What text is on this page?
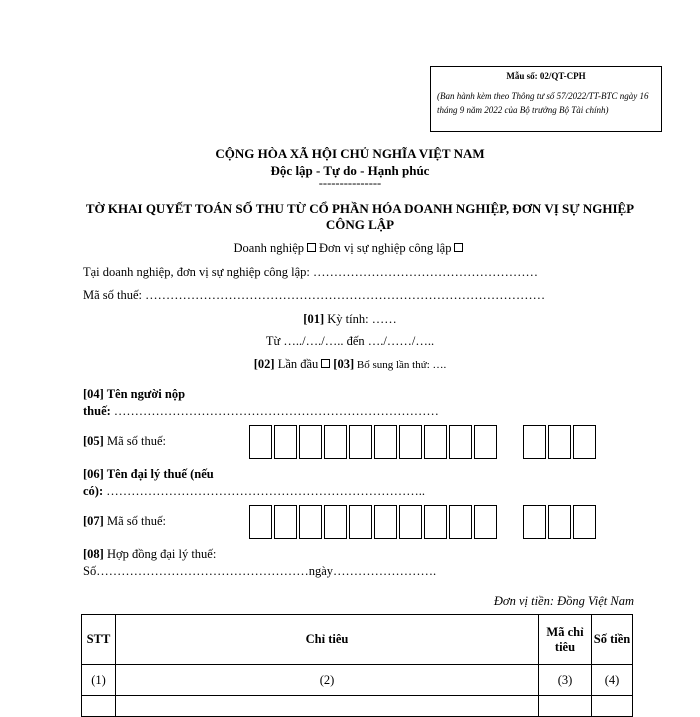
Mẫu số: 02/QT-CPH
(Ban hành kèm theo Thông tư số 57/2022/TT-BTC ngày 16 tháng 9 năm 2022 của Bộ trưởng Bộ Tài chính)
CỘNG HÒA XÃ HỘI CHỦ NGHĨA VIỆT NAM
Độc lập - Tự do - Hạnh phúc
---------------
TỜ KHAI QUYẾT TOÁN SỐ THU TỪ CỔ PHẦN HÓA DOANH NGHIỆP, ĐƠN VỊ SỰ NGHIỆP CÔNG LẬP
Doanh nghiệp Đơn vị sự nghiệp công lập
Tại doanh nghiệp, đơn vị sự nghiệp công lập: ………………………………………………
Mã số thuế: ……………………………………………………………………………………
[01] Kỳ tính: ……
Từ …../…./….. đến …./……/…..
[02] Lần đầu [03] Bổ sung lần thứ: ….
[04] Tên người nộp
thuế: ……………………………………………………………………
[05] Mã số thuế:
[06] Tên đại lý thuế (nếu
có): …………………………………………………………………..
[07] Mã số thuế:
[08] Hợp đồng đại lý thuế:
Số……………………………………………ngày…………………….
Đơn vị tiền: Đồng Việt Nam
STT	Chỉ tiêu	Mã chỉ tiêu	Số tiền
(1)	(2)	(3)	(4)
